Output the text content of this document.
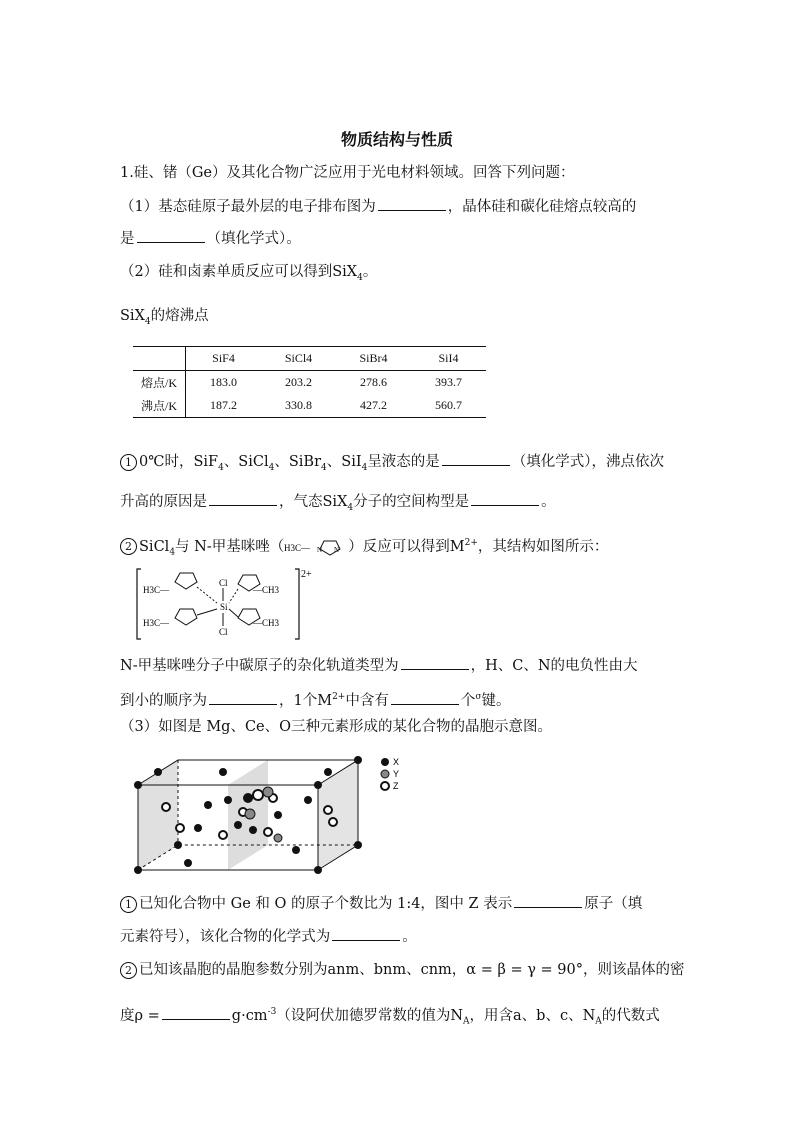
物质结构与性质
1.硅、锗（Ge）及其化合物广泛应用于光电材料领域。回答下列问题：
（1）基态硅原子最外层的电子排布图为	，晶体硅和碳化硅熔点较高的
是	（填化学式）。
（2）硅和卤素单质反应可以得到SiX$_4$。
SiX$_4$的熔沸点
	SiF4	SiCl4	SiBr4	SiI4
熔点/K	183.0	203.2	278.6	393.7
沸点/K	187.2	330.8	427.2	560.7
1 0℃时，SiF$_4$、SiCl$_4$、SiBr$_4$、SiI$_4$呈液态的是	（填化学式），沸点依次
升高的原因是	，气态SiX$_4$分子的空间构型是	。
2 SiCl$_4$与 N-甲基咪唑（ H3C— N N ）反应可以得到$M^{2+}$，其结构如图所示：
2+
Cl
Si
Cl
H3C—
H3C—
—CH3
—CH3
N-甲基咪唑分子中碳原子的杂化轨道类型为	，H、C、N的电负性由大
到小的顺序为	，1个$M^{2+}$中含有	个$^\sigma$键。
（3）如图是 Mg、Ce、O三种元素形成的某化合物的晶胞示意图。
X
Y
Z
1 已知化合物中 Ge 和 O 的原子个数比为 1:4，图中 Z 表示	原子（填
元素符号），该化合物的化学式为	。
2 已知该晶胞的晶胞参数分别为anm、bnm、cnm，α = β = γ = 90°，则该晶体的密
度ρ =	$g\cdot cm^{-3}$（设阿伏加德罗常数的值为$N_A$，用含a、b、c、$N_A$的代数式
